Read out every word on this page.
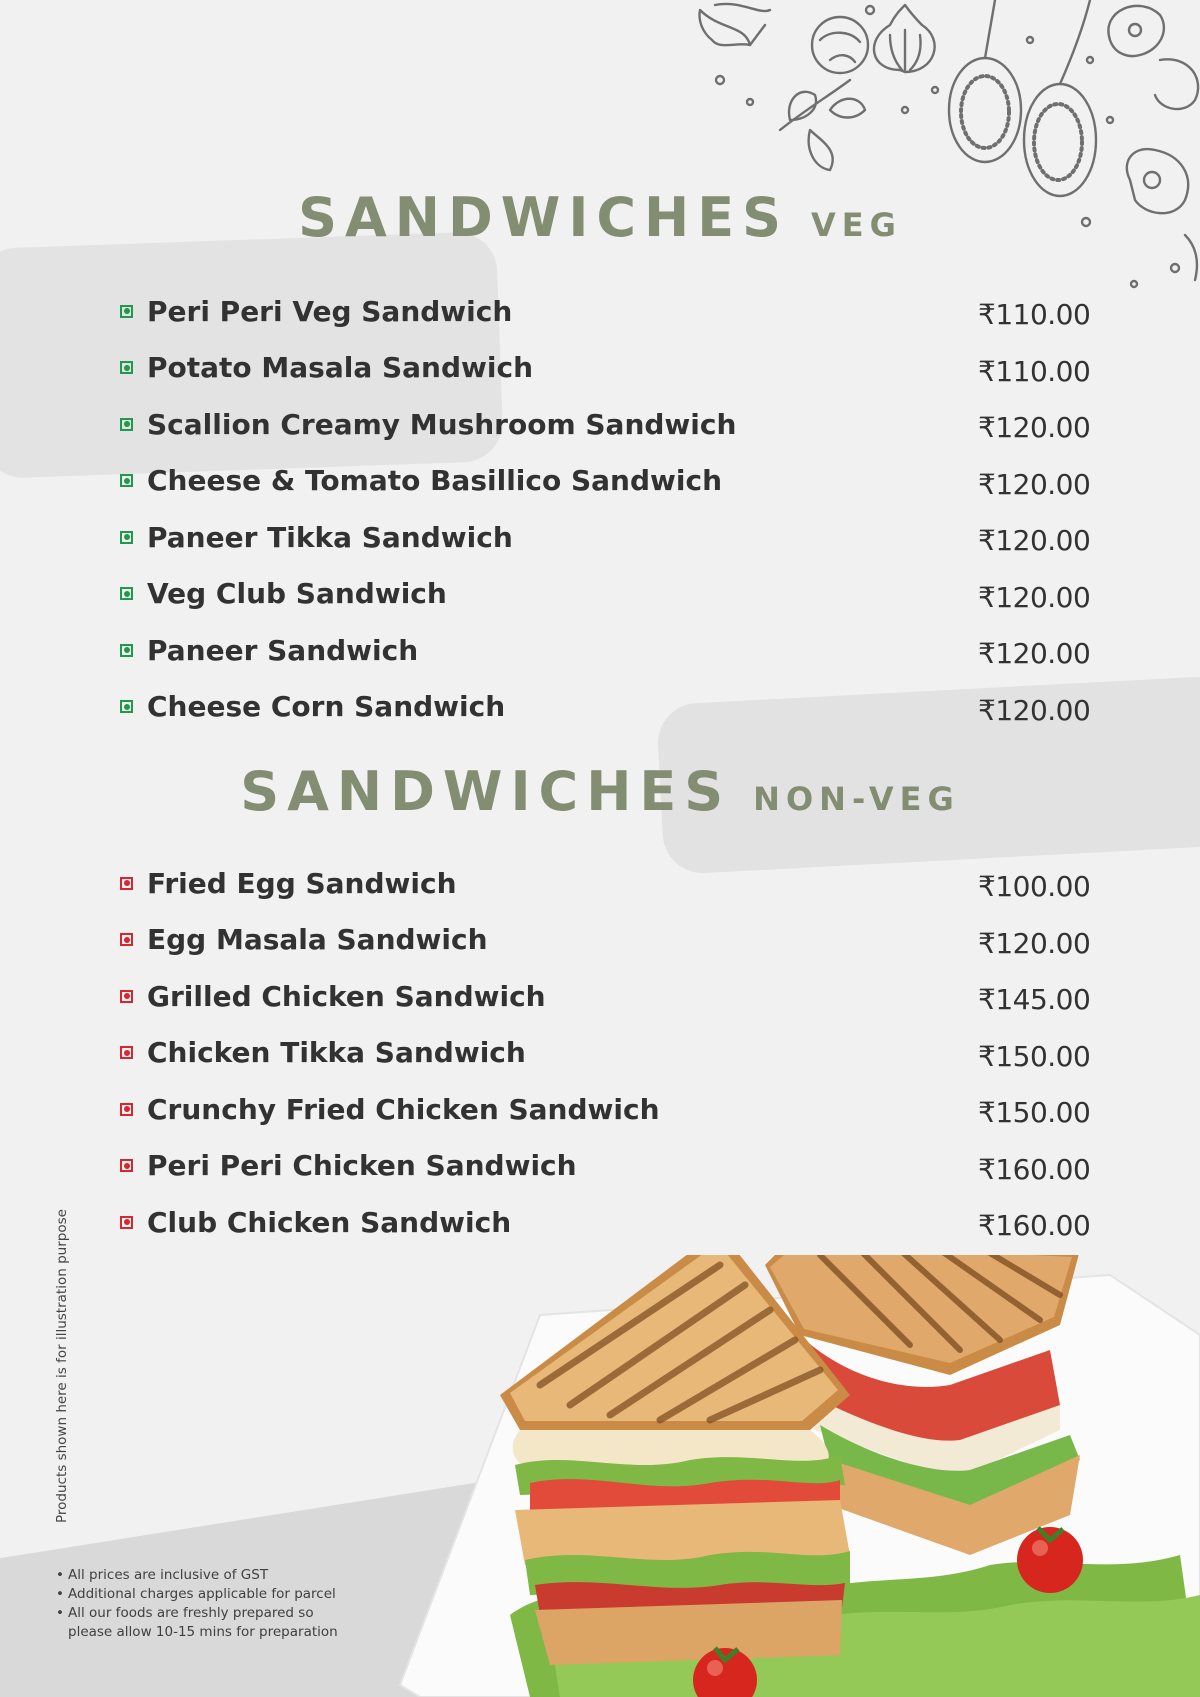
SANDWICHES VEG
Peri Peri Veg Sandwich	₹110.00
Potato Masala Sandwich	₹110.00
Scallion Creamy Mushroom Sandwich	₹120.00
Cheese & Tomato Basillico Sandwich	₹120.00
Paneer Tikka Sandwich	₹120.00
Veg Club Sandwich	₹120.00
Paneer Sandwich	₹120.00
Cheese Corn Sandwich	₹120.00
SANDWICHES NON-VEG
Fried Egg Sandwich	₹100.00
Egg Masala Sandwich	₹120.00
Grilled Chicken Sandwich	₹145.00
Chicken Tikka Sandwich	₹150.00
Crunchy Fried Chicken Sandwich	₹150.00
Peri Peri Chicken Sandwich	₹160.00
Club Chicken Sandwich	₹160.00
Products shown here is for illustration purpose
• All prices are inclusive of GST
• Additional charges applicable for parcel
• All our foods are freshly prepared so
please allow 10-15 mins for preparation
